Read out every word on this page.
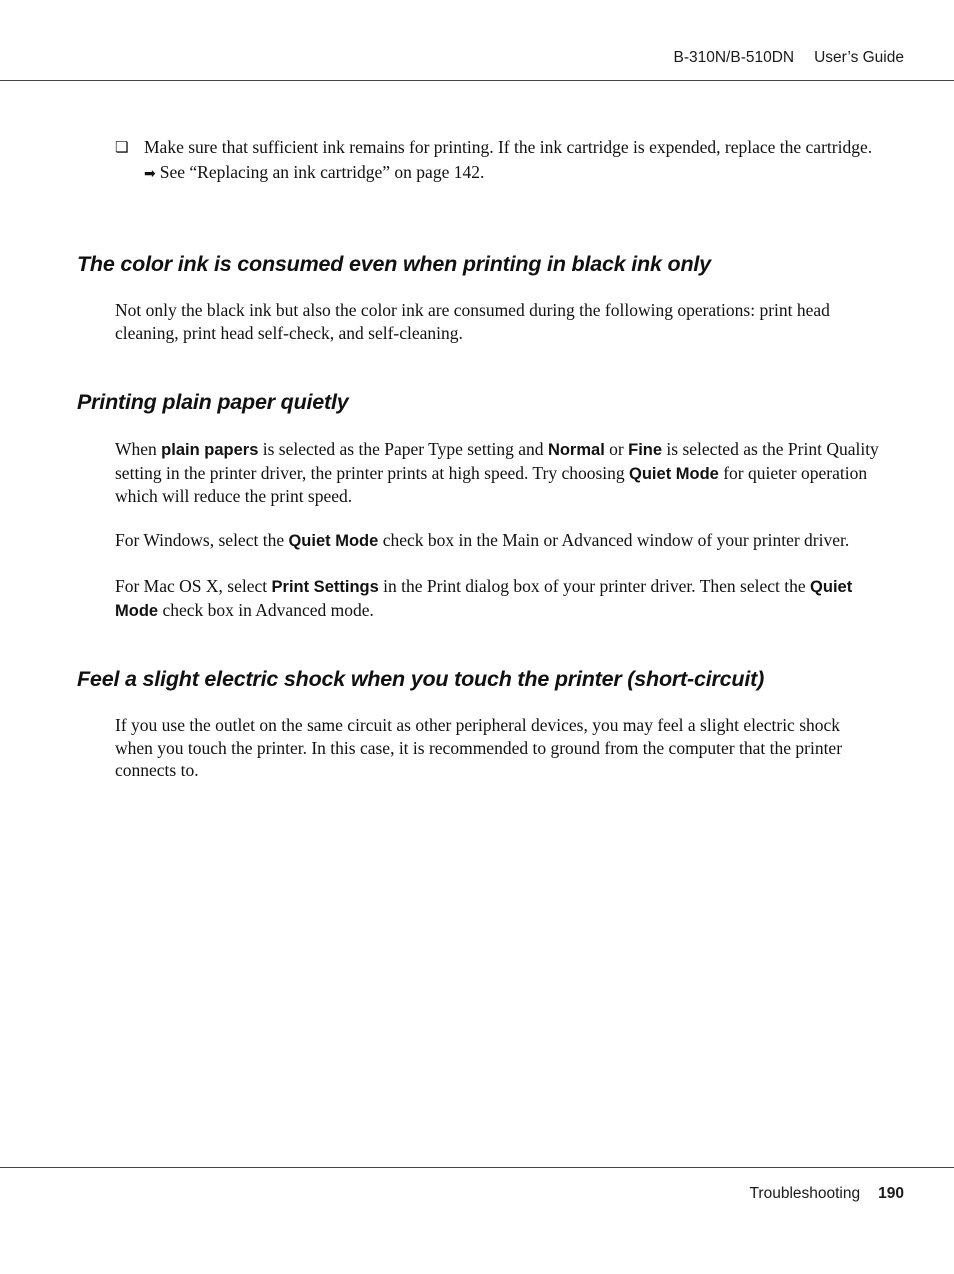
B-310N/B-510DN User’s Guide
❏ Make sure that sufficient ink remains for printing. If the ink cartridge is expended, replace the cartridge.
➡ See “Replacing an ink cartridge” on page 142.
The color ink is consumed even when printing in black ink only

Not only the black ink but also the color ink are consumed during the following operations: print head cleaning, print head self-check, and self-cleaning.

Printing plain paper quietly

When plain papers is selected as the Paper Type setting and Normal or Fine is selected as the Print Quality setting in the printer driver, the printer prints at high speed. Try choosing Quiet Mode for quieter operation which will reduce the print speed.

For Windows, select the Quiet Mode check box in the Main or Advanced window of your printer driver.

For Mac OS X, select Print Settings in the Print dialog box of your printer driver. Then select the Quiet Mode check box in Advanced mode.

Feel a slight electric shock when you touch the printer (short-circuit)

If you use the outlet on the same circuit as other peripheral devices, you may feel a slight electric shock when you touch the printer. In this case, it is recommended to ground from the computer that the printer connects to.

Troubleshooting 190
